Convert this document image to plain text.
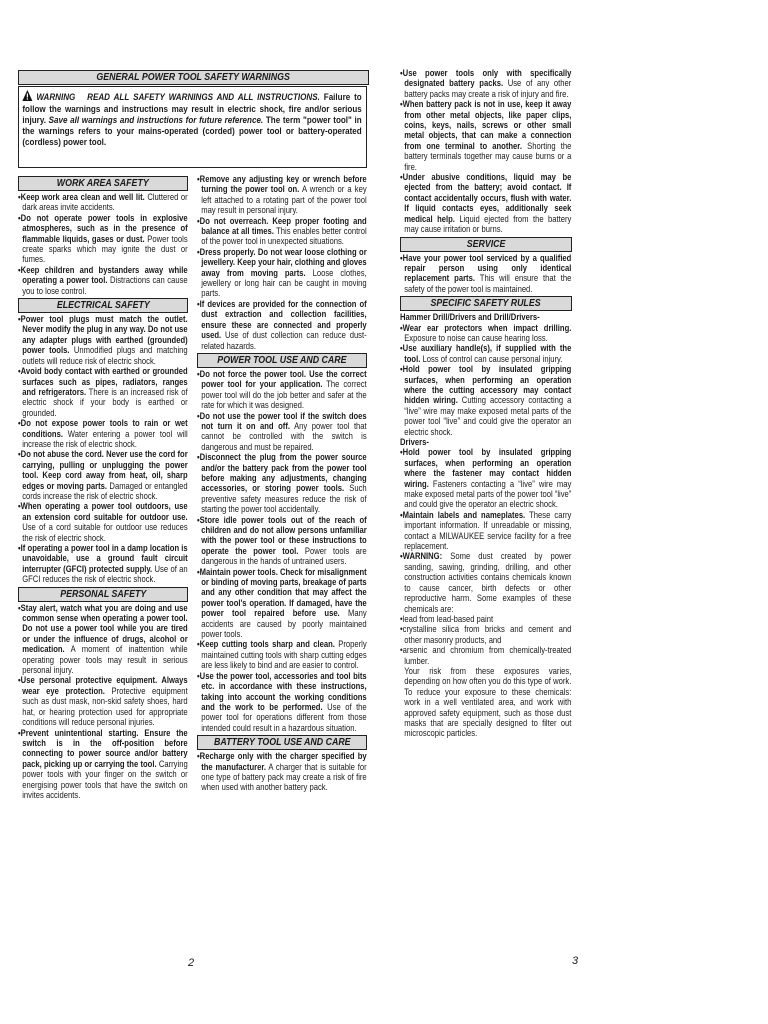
GENERAL POWER TOOL SAFETY WARNINGS
WARNING READ ALL SAFETY WARNINGS AND ALL INSTRUCTIONS. Failure to follow the warnings and instructions may result in electric shock, fire and/or serious injury. Save all warnings and instructions for future reference. The term "power tool" in the warnings refers to your mains-operated (corded) power tool or battery-operated (cordless) power tool.
WORK AREA SAFETY

•Keep work area clean and well lit. Cluttered or dark areas invite accidents.

•Do not operate power tools in explosive atmospheres, such as in the presence of flammable liquids, gases or dust. Power tools create sparks which may ignite the dust or fumes.

•Keep children and bystanders away while operating a power tool. Distractions can cause you to lose control.

ELECTRICAL SAFETY

•Power tool plugs must match the outlet. Never modify the plug in any way. Do not use any adapter plugs with earthed (grounded) power tools. Unmodified plugs and matching outlets will reduce risk of electric shock.

•Avoid body contact with earthed or grounded surfaces such as pipes, radiators, ranges and refrigerators. There is an increased risk of electric shock if your body is earthed or grounded.

•Do not expose power tools to rain or wet conditions. Water entering a power tool will increase the risk of electric shock.

•Do not abuse the cord. Never use the cord for carrying, pulling or unplugging the power tool. Keep cord away from heat, oil, sharp edges or moving parts. Damaged or entangled cords increase the risk of electric shock.

•When operating a power tool outdoors, use an extension cord suitable for outdoor use. Use of a cord suitable for outdoor use reduces the risk of electric shock.

•If operating a power tool in a damp location is unavoidable, use a ground fault circuit interrupter (GFCI) protected supply. Use of an GFCI reduces the risk of electric shock.

PERSONAL SAFETY

•Stay alert, watch what you are doing and use common sense when operating a power tool. Do not use a power tool while you are tired or under the influence of drugs, alcohol or medication. A moment of inattention while operating power tools may result in serious personal injury.

•Use personal protective equipment. Always wear eye protection. Protective equipment such as dust mask, non-skid safety shoes, hard hat, or hearing protection used for appropriate conditions will reduce personal injuries.

•Prevent unintentional starting. Ensure the switch is in the off-position before connecting to power source and/or battery pack, picking up or carrying the tool. Carrying power tools with your finger on the switch or energising power tools that have the switch on invites accidents.

•Remove any adjusting key or wrench before turning the power tool on. A wrench or a key left attached to a rotating part of the power tool may result in personal injury.

•Do not overreach. Keep proper footing and balance at all times. This enables better control of the power tool in unexpected situations.

•Dress properly. Do not wear loose clothing or jewellery. Keep your hair, clothing and gloves away from moving parts. Loose clothes, jewellery or long hair can be caught in moving parts.

•If devices are provided for the connection of dust extraction and collection facilities, ensure these are connected and properly used. Use of dust collection can reduce dust-related hazards.

POWER TOOL USE AND CARE

•Do not force the power tool. Use the correct power tool for your application. The correct power tool will do the job better and safer at the rate for which it was designed.

•Do not use the power tool if the switch does not turn it on and off. Any power tool that cannot be controlled with the switch is dangerous and must be repaired.

•Disconnect the plug from the power source and/or the battery pack from the power tool before making any adjustments, changing accessories, or storing power tools. Such preventive safety measures reduce the risk of starting the power tool accidentally.

•Store idle power tools out of the reach of children and do not allow persons unfamiliar with the power tool or these instructions to operate the power tool. Power tools are dangerous in the hands of untrained users.

•Maintain power tools. Check for misalignment or binding of moving parts, breakage of parts and any other condition that may affect the power tool's operation. If damaged, have the power tool repaired before use. Many accidents are caused by poorly maintained power tools.

•Keep cutting tools sharp and clean. Properly maintained cutting tools with sharp cutting edges are less likely to bind and are easier to control.

•Use the power tool, accessories and tool bits etc. in accordance with these instructions, taking into account the working conditions and the work to be performed. Use of the power tool for operations different from those intended could result in a hazardous situation.

BATTERY TOOL USE AND CARE

•Recharge only with the charger specified by the manufacturer. A charger that is suitable for one type of battery pack may create a risk of fire when used with another battery pack.

•Use power tools only with specifically designated battery packs. Use of any other battery packs may create a risk of injury and fire.

•When battery pack is not in use, keep it away from other metal objects, like paper clips, coins, keys, nails, screws or other small metal objects, that can make a connection from one terminal to another. Shorting the battery terminals together may cause burns or a fire.

•Under abusive conditions, liquid may be ejected from the battery; avoid contact. If contact accidentally occurs, flush with water. If liquid contacts eyes, additionally seek medical help. Liquid ejected from the battery may cause irritation or burns.

SERVICE

•Have your power tool serviced by a qualified repair person using only identical replacement parts. This will ensure that the safety of the power tool is maintained.

SPECIFIC SAFETY RULES

Hammer Drill/Drivers and Drill/Drivers-

•Wear ear protectors when impact drilling. Exposure to noise can cause hearing loss.

•Use auxiliary handle(s), if supplied with the tool. Loss of control can cause personal injury.

•Hold power tool by insulated gripping surfaces, when performing an operation where the cutting accessory may contact hidden wiring. Cutting accessory contacting a “live” wire may make exposed metal parts of the power tool “live” and could give the operator an electric shock.

Drivers-

•Hold power tool by insulated gripping surfaces, when performing an operation where the fastener may contact hidden wiring. Fasteners contacting a “live” wire may make exposed metal parts of the power tool “live” and could give the operator an electric shock.

•Maintain labels and nameplates. These carry important information. If unreadable or missing, contact a MILWAUKEE service facility for a free replacement.

•WARNING: Some dust created by power sanding, sawing, grinding, drilling, and other construction activities contains chemicals known to cause cancer, birth defects or other reproductive harm. Some examples of these chemicals are:

•lead from lead-based paint

•crystalline silica from bricks and cement and other masonry products, and

•arsenic and chromium from chemically-treated lumber.

Your risk from these exposures varies, depending on how often you do this type of work. To reduce your exposure to these chemicals: work in a well ventilated area, and work with approved safety equipment, such as those dust masks that are specially designed to filter out microscopic particles.

2	3
